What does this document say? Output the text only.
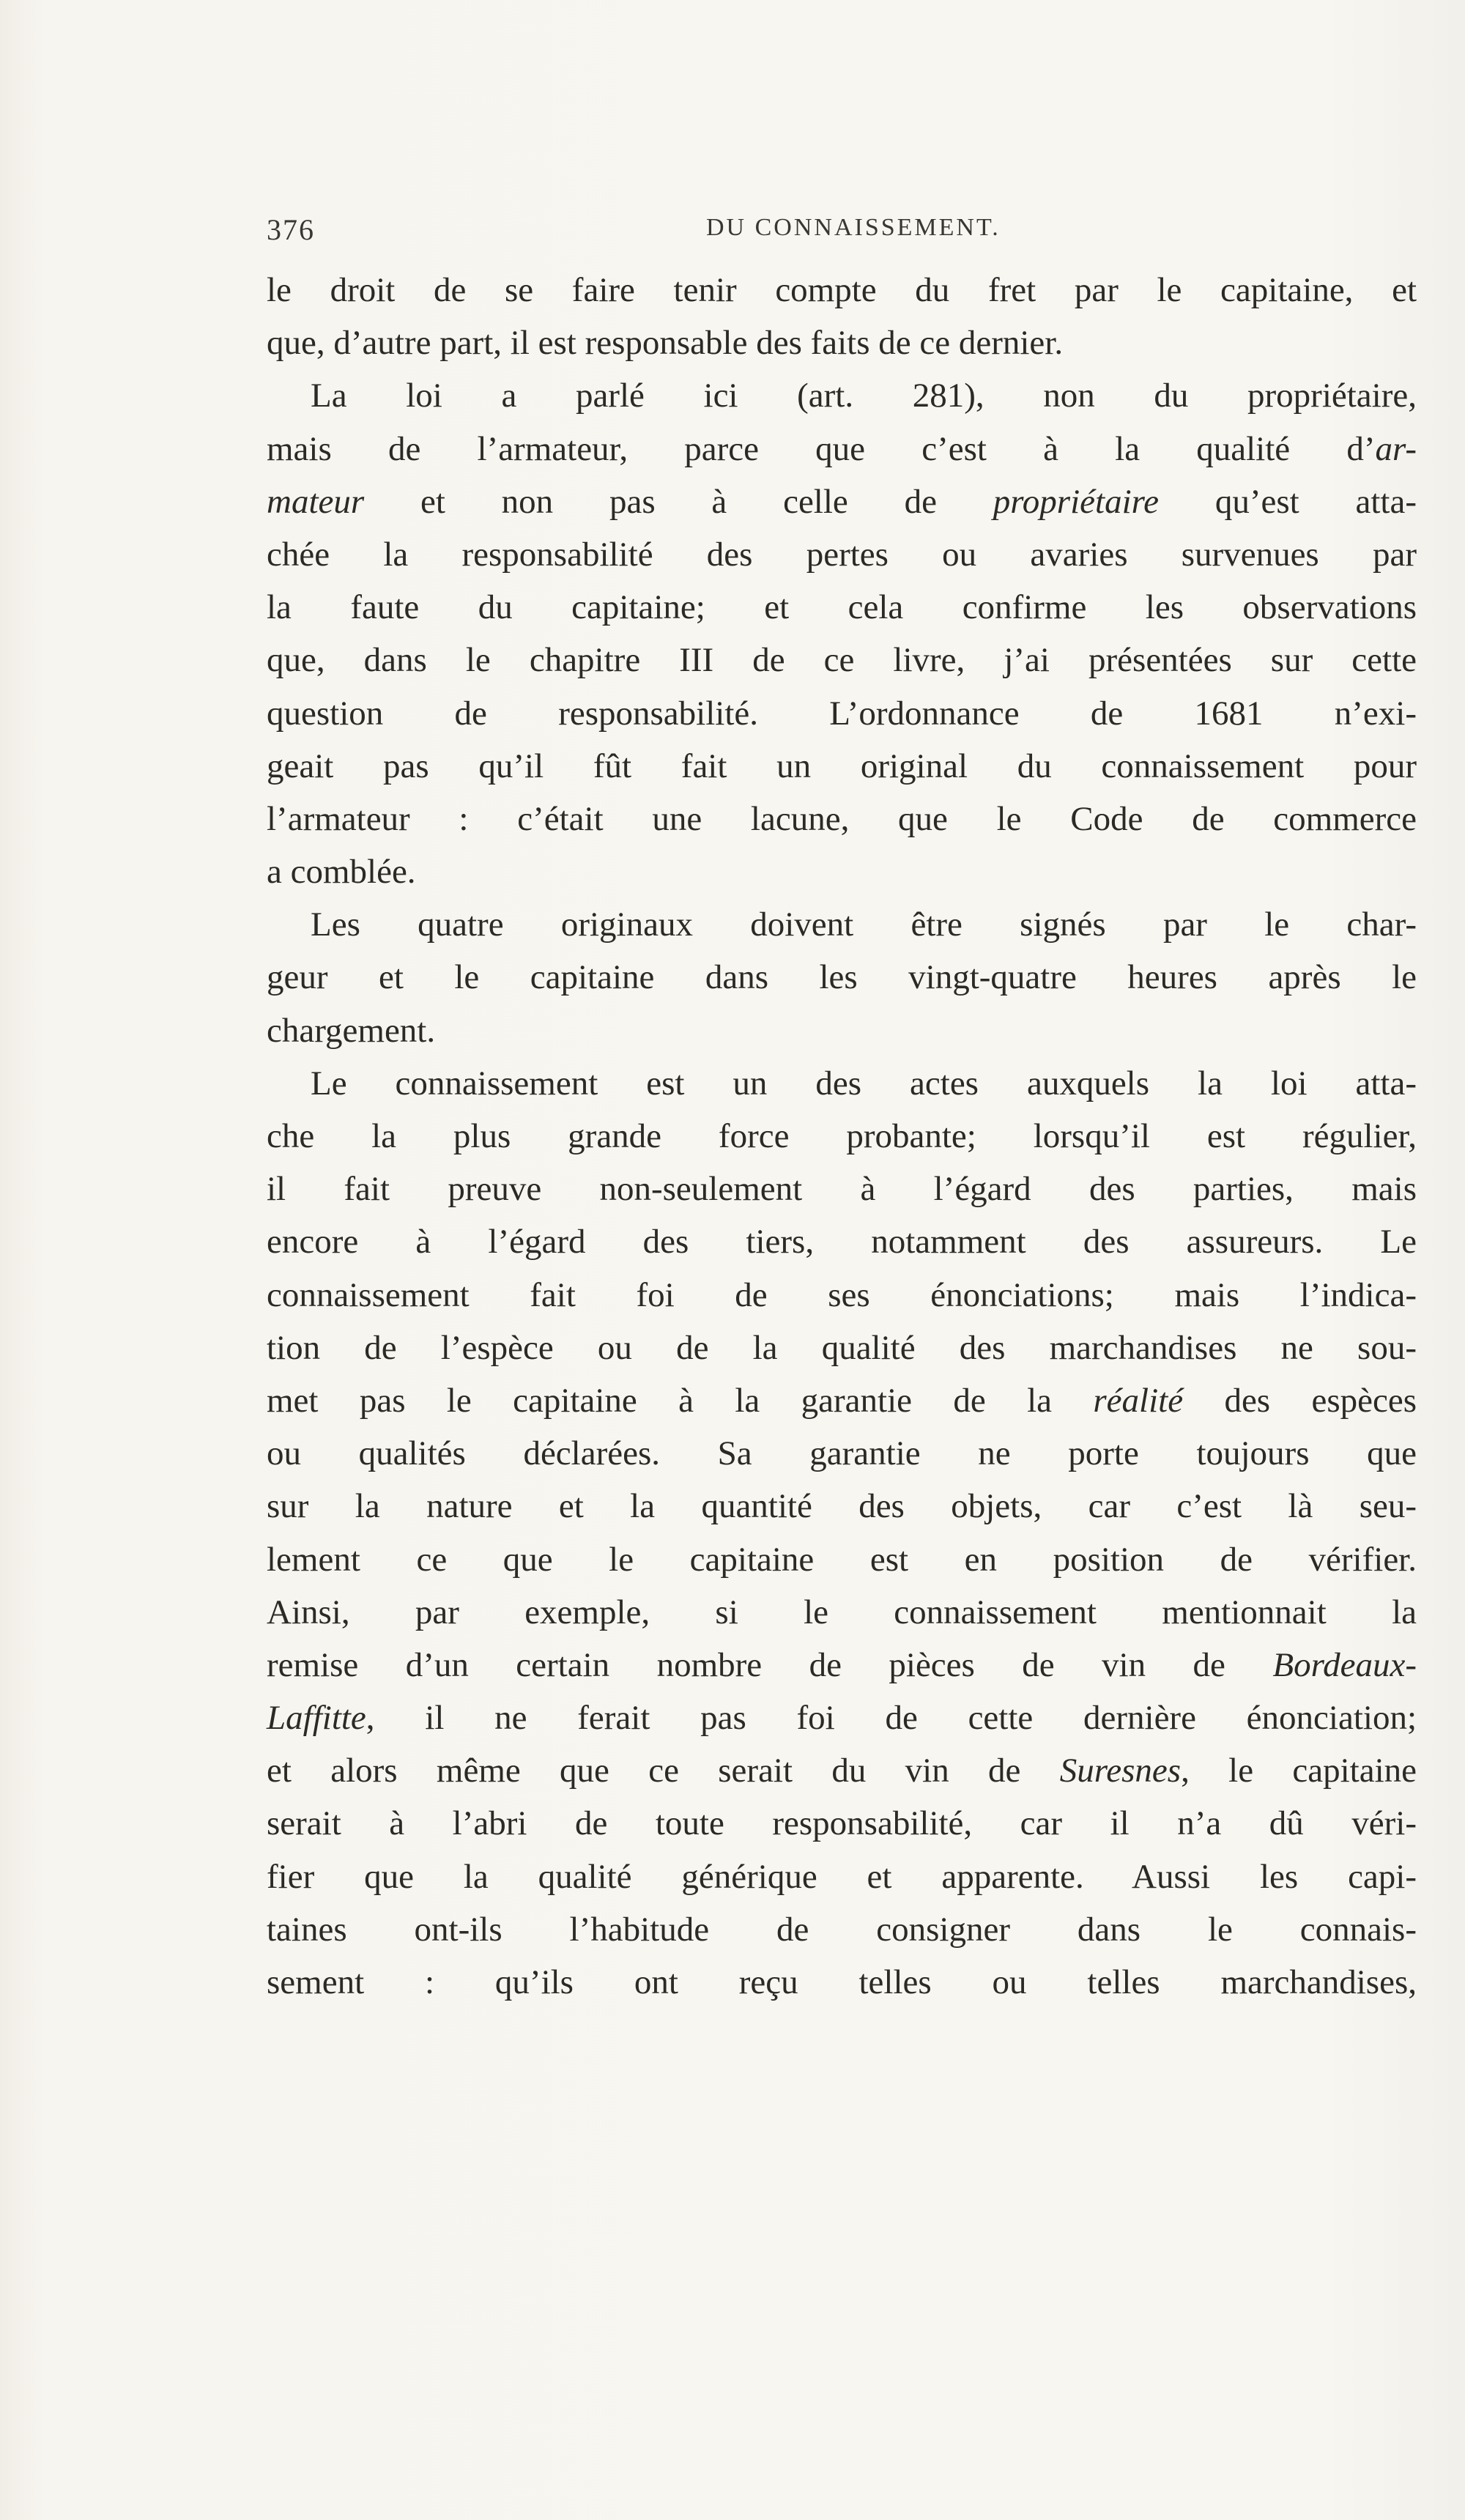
376	DU CONNAISSEMENT.
le droit de se faire tenir compte du fret par le capitaine, et
que, d’autre part, il est responsable des faits de ce dernier.
La loi a parlé ici (art. 281), non du propriétaire,
mais de l’armateur, parce que c’est à la qualité d’ar-
mateur et non pas à celle de propriétaire qu’est atta-
chée la responsabilité des pertes ou avaries survenues par
la faute du capitaine; et cela confirme les observations
que, dans le chapitre III de ce livre, j’ai présentées sur cette
question de responsabilité. L’ordonnance de 1681 n’exi-
geait pas qu’il fût fait un original du connaissement pour
l’armateur : c’était une lacune, que le Code de commerce
a comblée.
Les quatre originaux doivent être signés par le char-
geur et le capitaine dans les vingt-quatre heures après le
chargement.
Le connaissement est un des actes auxquels la loi atta-
che la plus grande force probante; lorsqu’il est régulier,
il fait preuve non-seulement à l’égard des parties, mais
encore à l’égard des tiers, notamment des assureurs. Le
connaissement fait foi de ses énonciations; mais l’indica-
tion de l’espèce ou de la qualité des marchandises ne sou-
met pas le capitaine à la garantie de la réalité des espèces
ou qualités déclarées. Sa garantie ne porte toujours que
sur la nature et la quantité des objets, car c’est là seu-
lement ce que le capitaine est en position de vérifier.
Ainsi, par exemple, si le connaissement mentionnait la
remise d’un certain nombre de pièces de vin de Bordeaux-
Laffitte, il ne ferait pas foi de cette dernière énonciation;
et alors même que ce serait du vin de Suresnes, le capitaine
serait à l’abri de toute responsabilité, car il n’a dû véri-
fier que la qualité générique et apparente. Aussi les capi-
taines ont-ils l’habitude de consigner dans le connais-
sement : qu’ils ont reçu telles ou telles marchandises,
